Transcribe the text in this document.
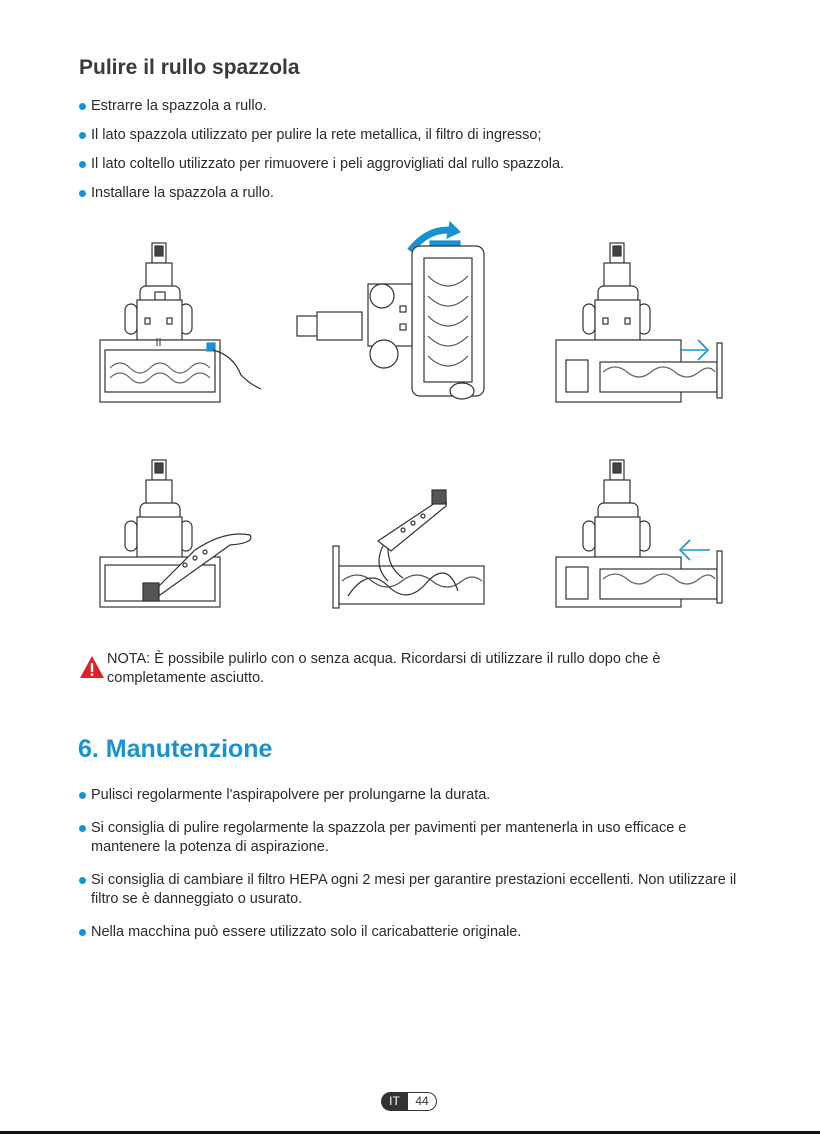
Pulire il rullo spazzola
Estrarre la spazzola a rullo.
Il lato spazzola utilizzato per pulire la rete metallica, il filtro di ingresso;
Il lato coltello utilizzato per rimuovere i peli aggrovigliati dal rullo spazzola.
Installare la spazzola a rullo.
NOTA: È possibile pulirlo con o senza acqua. Ricordarsi di utilizzare il rullo dopo che è completamente asciutto.
6. Manutenzione
Pulisci regolarmente l'aspirapolvere per prolungarne la durata.
Si consiglia di pulire regolarmente la spazzola per pavimenti per mantenerla in uso efficace e mantenere la potenza di aspirazione.
Si consiglia di cambiare il filtro HEPA ogni 2 mesi per garantire prestazioni eccellenti. Non utilizzare il filtro se è danneggiato o usurato.
Nella macchina può essere utilizzato solo il caricabatterie originale.
IT	44
